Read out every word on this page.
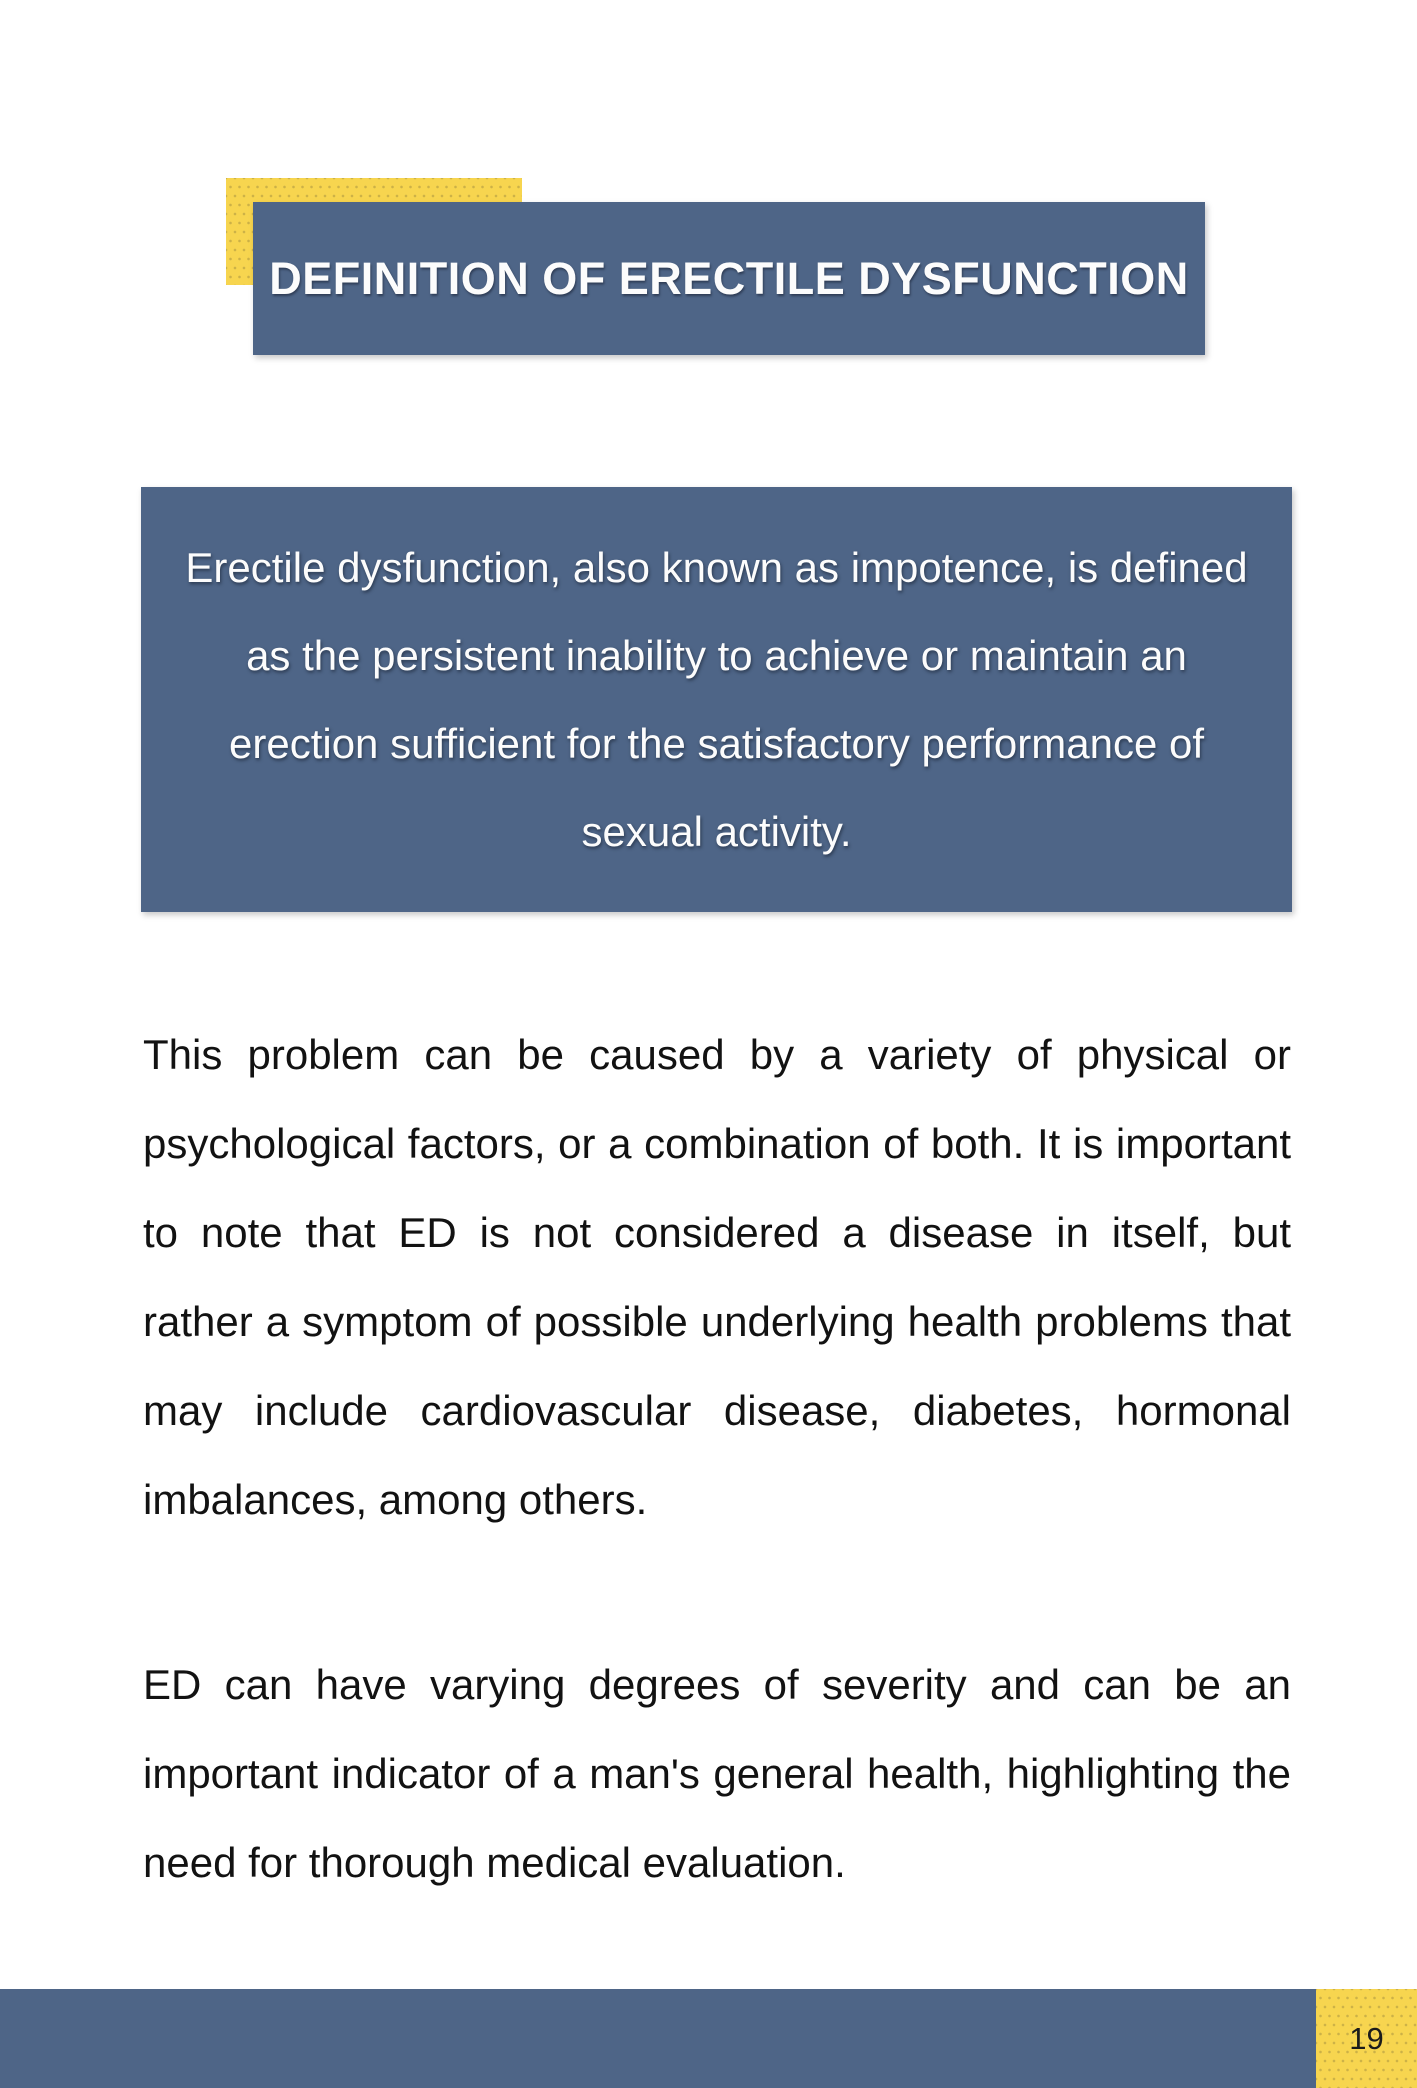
DEFINITION OF ERECTILE DYSFUNCTION
Erectile dysfunction, also known as impotence, is defined
as the persistent inability to achieve or maintain an
erection sufficient for the satisfactory performance of
sexual activity.
This problem can be caused by a variety of physical or
psychological factors, or a combination of both. It is important
to note that ED is not considered a disease in itself, but
rather a symptom of possible underlying health problems that
may include cardiovascular disease, diabetes, hormonal
imbalances, among others.
ED can have varying degrees of severity and can be an
important indicator of a man's general health, highlighting the
need for thorough medical evaluation.
19
